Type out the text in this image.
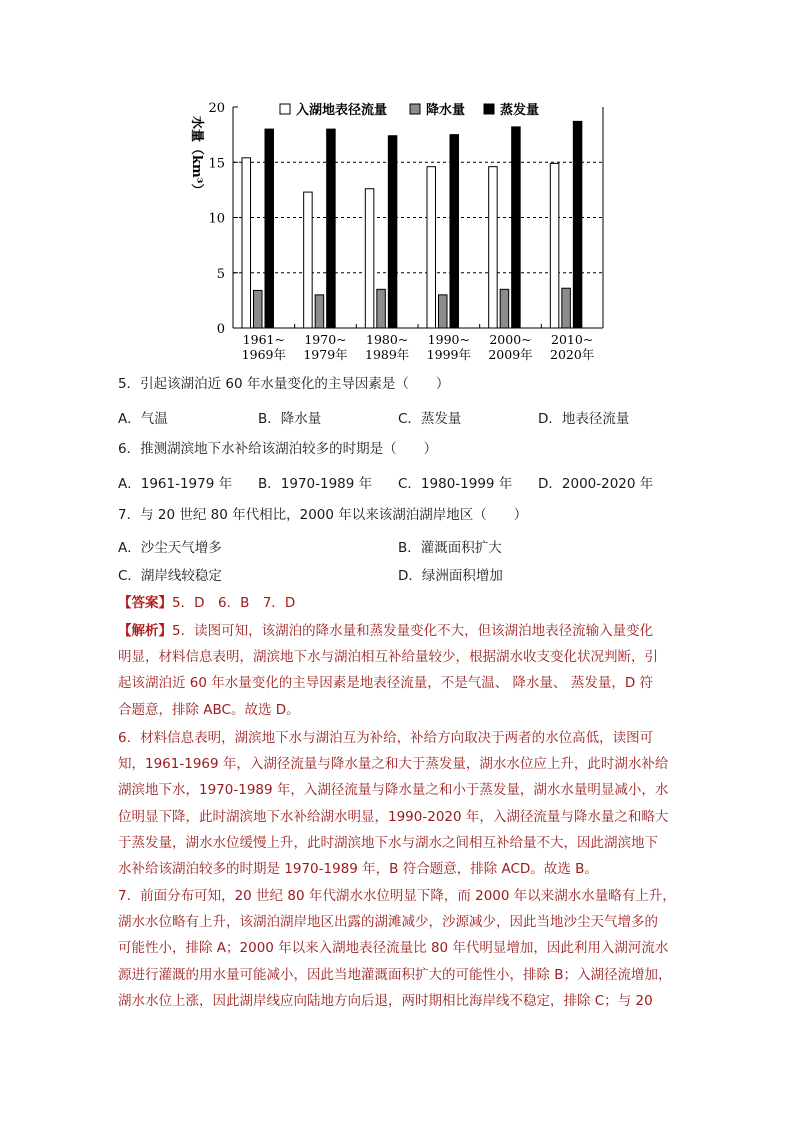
0
5
10
15
20
1961~
1969年
1970~
1979年
1980~
1989年
1990~
1999年
2000~
2009年
2010~
2020年
水量（km³）
入湖地表径流量	降水量	蒸发量
5．引起该湖泊近 60 年水量变化的主导因素是（　　）
A．气温	B．降水量	C．蒸发量	D．地表径流量
6．推测湖滨地下水补给该湖泊较多的时期是（　　）
A．1961-1979 年 B．1970-1989 年 C．1980-1999 年 D．2000-2020 年
7．与 20 世纪 80 年代相比，2000 年以来该湖泊湖岸地区（　　）
A．沙尘天气增多	B．灌溉面积扩大
C．湖岸线较稳定	D．绿洲面积增加
【答案】5．D　6．B　7．D
【解析】5．读图可知，该湖泊的降水量和蒸发量变化不大，但该湖泊地表径流输入量变化
明显，材料信息表明，湖滨地下水与湖泊相互补给量较少，根据湖水收支变化状况判断，引
起该湖泊近 60 年水量变化的主导因素是地表径流量，不是气温、 降水量、 蒸发量，D 符
合题意，排除 ABC。故选 D。
6．材料信息表明，湖滨地下水与湖泊互为补给，补给方向取决于两者的水位高低，读图可
知，1961-1969 年，入湖径流量与降水量之和大于蒸发量，湖水水位应上升，此时湖水补给
湖滨地下水，1970-1989 年，入湖径流量与降水量之和小于蒸发量，湖水水量明显减小，水
位明显下降，此时湖滨地下水补给湖水明显，1990-2020 年，入湖径流量与降水量之和略大
于蒸发量，湖水水位缓慢上升，此时湖滨地下水与湖水之间相互补给量不大，因此湖滨地下
水补给该湖泊较多的时期是 1970-1989 年，B 符合题意，排除 ACD。故选 B。
7．前面分布可知，20 世纪 80 年代湖水水位明显下降，而 2000 年以来湖水水量略有上升，
湖水水位略有上升，该湖泊湖岸地区出露的湖滩减少，沙源减少，因此当地沙尘天气增多的
可能性小，排除 A；2000 年以来入湖地表径流量比 80 年代明显增加，因此利用入湖河流水
源进行灌溉的用水量可能减小，因此当地灌溉面积扩大的可能性小，排除 B；入湖径流增加，
湖水水位上涨，因此湖岸线应向陆地方向后退，两时期相比海岸线不稳定，排除 C；与 20
